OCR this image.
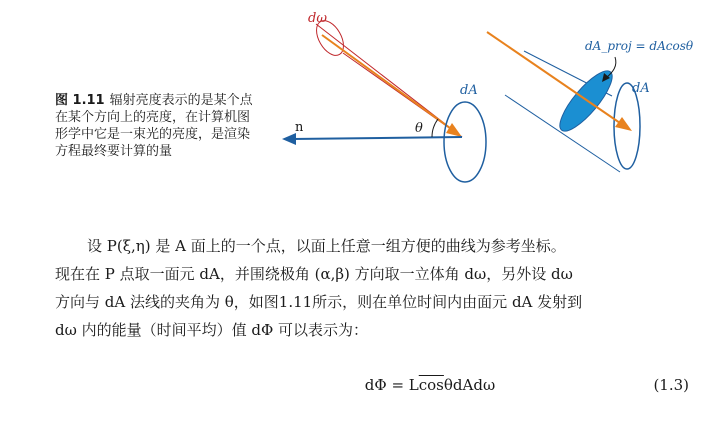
dω
dA
θ
n
dA
dA_proj = dAcosθ
图 1.11 辐射亮度表示的是某个点在某个方向上的亮度，在计算机图形学中它是一束光的亮度，是渲染方程最终要计算的量
设 P(ξ,η) 是 A 面上的一个点，以面上任意一组方便的曲线为参考坐标。
现在在 P 点取一面元 dA，并围绕极角 (α,β) 方向取一立体角 dω，另外设 dω
方向与 dA 法线的夹角为 θ，如图1.11所示，则在单位时间内由面元 dA 发射到
dω 内的能量（时间平均）值 dΦ 可以表示为：
$d\Phi = L\overline{cos}\theta dAd\omega$	(1.3)
